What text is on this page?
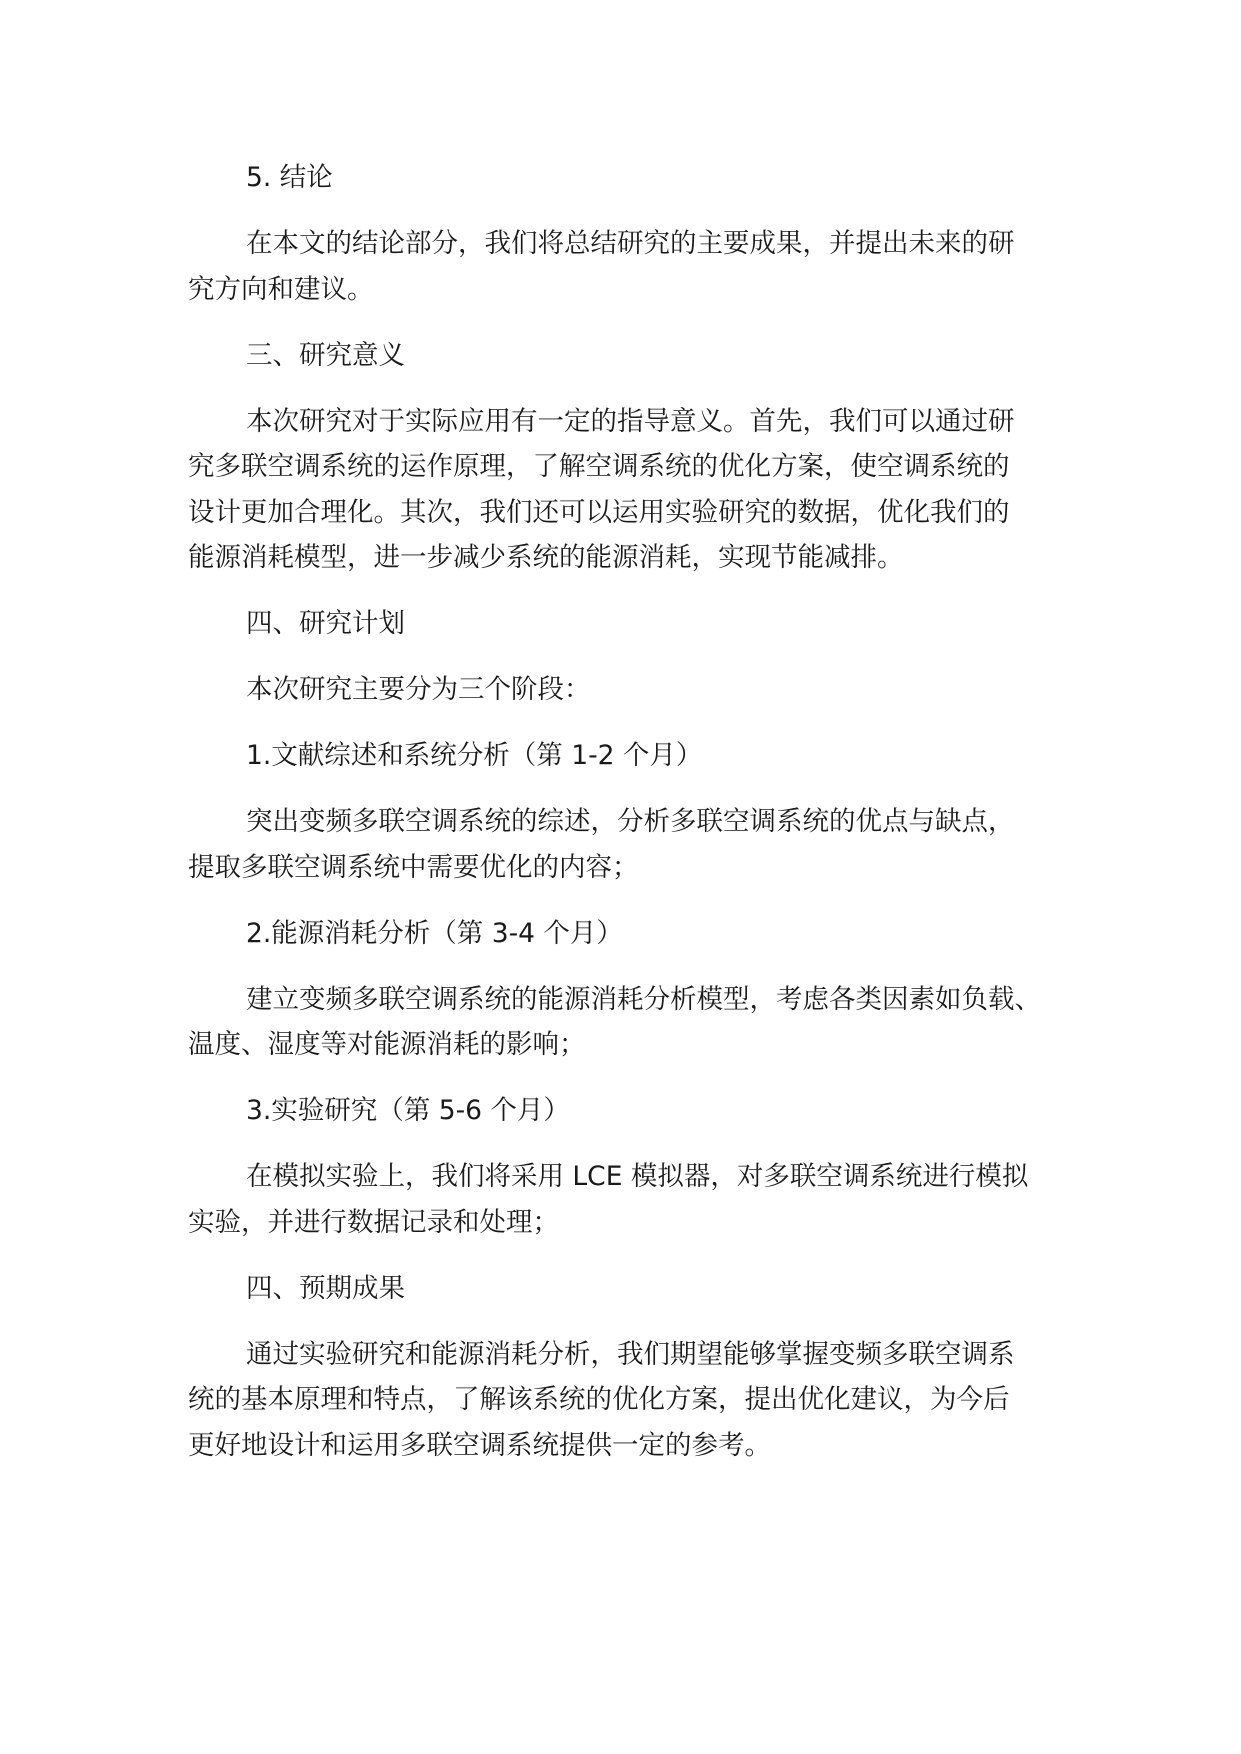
5. 结论

在本文的结论部分，我们将总结研究的主要成果，并提出未来的研
究方向和建议。

三、研究意义

本次研究对于实际应用有一定的指导意义。首先，我们可以通过研
究多联空调系统的运作原理，了解空调系统的优化方案，使空调系统的
设计更加合理化。其次，我们还可以运用实验研究的数据，优化我们的
能源消耗模型，进一步减少系统的能源消耗，实现节能减排。

四、研究计划

本次研究主要分为三个阶段：

1.文献综述和系统分析（第 1-2 个月）

突出变频多联空调系统的综述，分析多联空调系统的优点与缺点，
提取多联空调系统中需要优化的内容；

2.能源消耗分析（第 3-4 个月）

建立变频多联空调系统的能源消耗分析模型，考虑各类因素如负载、
温度、湿度等对能源消耗的影响；

3.实验研究（第 5-6 个月）

在模拟实验上，我们将采用 LCE 模拟器，对多联空调系统进行模拟
实验，并进行数据记录和处理；

四、预期成果

通过实验研究和能源消耗分析，我们期望能够掌握变频多联空调系
统的基本原理和特点，了解该系统的优化方案，提出优化建议，为今后
更好地设计和运用多联空调系统提供一定的参考。
